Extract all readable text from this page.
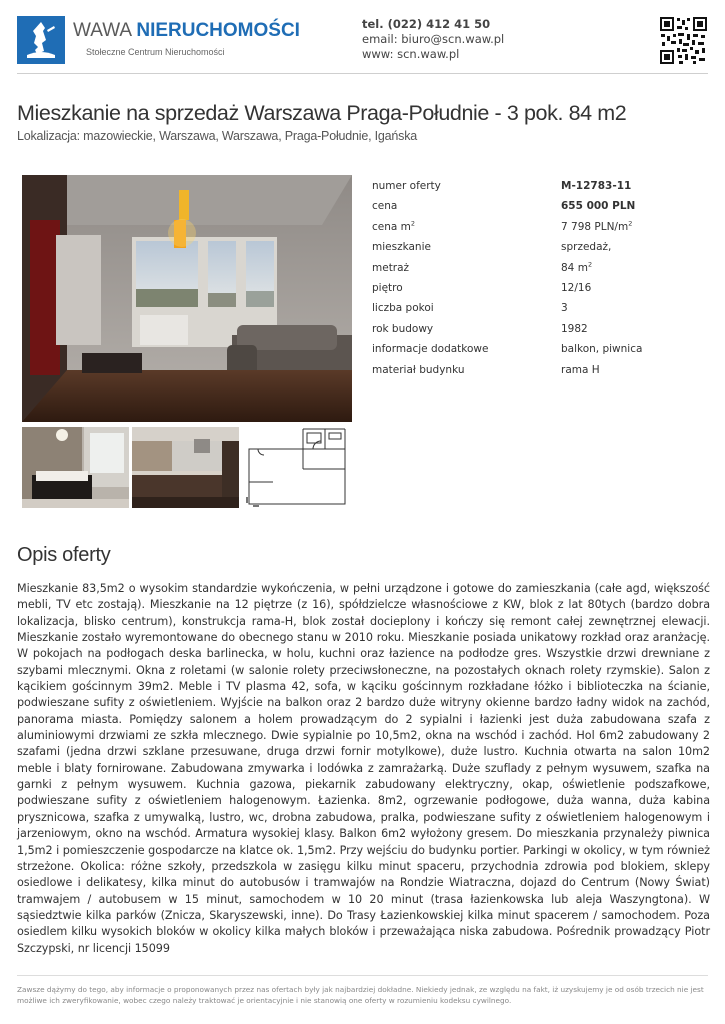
WAWA NIERUCHOMOŚCI
Stołeczne Centrum Nieruchomości
tel. (022) 412 41 50
email: biuro@scn.waw.pl
www: scn.waw.pl
Mieszkanie na sprzedaż Warszawa Praga-Południe - 3 pok. 84 m2
Lokalizacja: mazowieckie, Warszawa, Warszawa, Praga-Południe, Igańska
numer oferty	M-12783-11
cena	655 000 PLN
cena $m^2$	7 798 PLN/$m^2$
mieszkanie	sprzedaż,
metraż	84 $m^2$
piętro	12/16
liczba pokoi	3
rok budowy	1982
informacje dodatkowe	balkon, piwnica
materiał budynku	rama H
Opis oferty
Mieszkanie 83,5m2 o wysokim standardzie wykończenia, w pełni urządzone i gotowe do zamieszkania (całe agd, większość mebli, TV etc zostają). Mieszkanie na 12 piętrze (z 16), spółdzielcze własnościowe z KW, blok z lat 80tych (bardzo dobra lokalizacja, blisko centrum), konstrukcja rama-H, blok został docieplony i kończy się remont całej zewnętrznej elewacji. Mieszkanie zostało wyremontowane do obecnego stanu w 2010 roku. Mieszkanie posiada unikatowy rozkład oraz aranżację. W pokojach na podłogach deska barlinecka, w holu, kuchni oraz łazience na podłodze gres. Wszystkie drzwi drewniane z szybami mlecznymi. Okna z roletami (w salonie rolety przeciwsłoneczne, na pozostałych oknach rolety rzymskie). Salon z kącikiem gościnnym 39m2. Meble i TV plasma 42, sofa, w kąciku gościnnym rozkładane łóżko i biblioteczka na ścianie, podwieszane sufity z oświetleniem. Wyjście na balkon oraz 2 bardzo duże witryny okienne bardzo ładny widok na zachód, panorama miasta. Pomiędzy salonem a holem prowadzącym do 2 sypialni i łazienki jest duża zabudowana szafa z aluminiowymi drzwiami ze szkła mlecznego. Dwie sypialnie po 10,5m2, okna na wschód i zachód. Hol 6m2 zabudowany 2 szafami (jedna drzwi szklane przesuwane, druga drzwi fornir motylkowe), duże lustro. Kuchnia otwarta na salon 10m2 meble i blaty fornirowane. Zabudowana zmywarka i lodówka z zamrażarką. Duże szuflady z pełnym wysuwem, szafka na garnki z pełnym wysuwem. Kuchnia gazowa, piekarnik zabudowany elektryczny, okap, oświetlenie podszafkowe, podwieszane sufity z oświetleniem halogenowym. Łazienka. 8m2, ogrzewanie podłogowe, duża wanna, duża kabina prysznicowa, szafka z umywalką, lustro, wc, drobna zabudowa, pralka, podwieszane sufity z oświetleniem halogenowym i jarzeniowym, okno na wschód. Armatura wysokiej klasy. Balkon 6m2 wyłożony gresem. Do mieszkania przynależy piwnica 1,5m2 i pomieszczenie gospodarcze na klatce ok. 1,5m2. Przy wejściu do budynku portier. Parkingi w okolicy, w tym również strzeżone. Okolica: różne szkoły, przedszkola w zasięgu kilku minut spaceru, przychodnia zdrowia pod blokiem, sklepy osiedlowe i delikatesy, kilka minut do autobusów i tramwajów na Rondzie Wiatraczna, dojazd do Centrum (Nowy Świat) tramwajem / autobusem w 15 minut, samochodem w 10 20 minut (trasa łazienkowska lub aleja Waszyngtona). W sąsiedztwie kilka parków (Znicza, Skaryszewski, inne). Do Trasy Łazienkowskiej kilka minut spacerem / samochodem. Poza osiedlem kilku wysokich bloków w okolicy kilka małych bloków i przeważająca niska zabudowa. Pośrednik prowadzący Piotr Szczypski, nr licencji 15099
Zawsze dążymy do tego, aby informacje o proponowanych przez nas ofertach były jak najbardziej dokładne. Niekiedy jednak, ze względu na fakt, iż uzyskujemy je od osób trzecich nie jest możliwe ich zweryfikowanie, wobec czego należy traktować je orientacyjnie i nie stanowią one oferty w rozumieniu kodeksu cywilnego.
